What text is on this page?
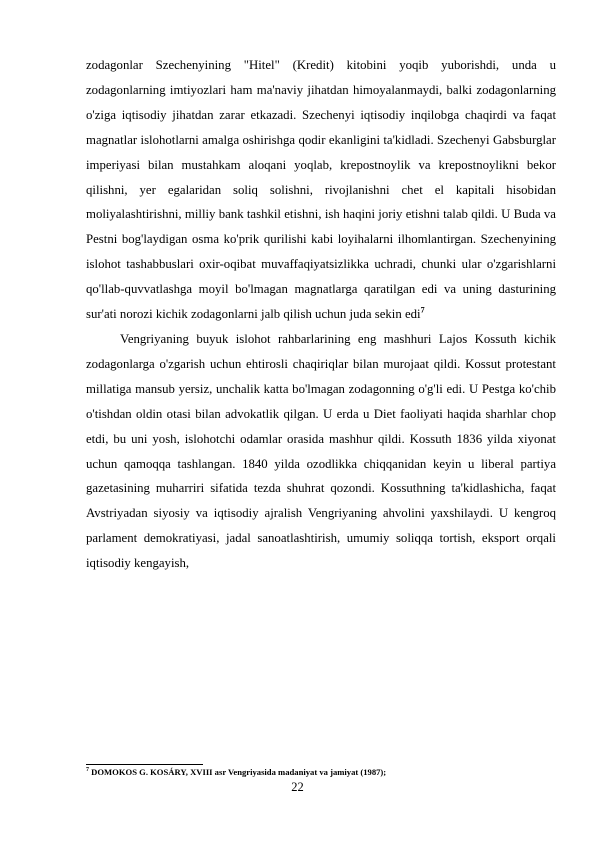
zodagonlar Szechenyining "Hitel" (Kredit) kitobini yoqib yuborishdi, unda u zodagonlarning imtiyozlari ham ma'naviy jihatdan himoyalanmaydi, balki zodagonlarning o'ziga iqtisodiy jihatdan zarar etkazadi. Szechenyi iqtisodiy inqilobga chaqirdi va faqat magnatlar islohotlarni amalga oshirishga qodir ekanligini ta'kidladi. Szechenyi Gabsburglar imperiyasi bilan mustahkam aloqani yoqlab, krepostnoylik va krepostnoylikni bekor qilishni, yer egalaridan soliq solishni, rivojlanishni chet el kapitali hisobidan moliyalashtirishni, milliy bank tashkil etishni, ish haqini joriy etishni talab qildi. U Buda va Pestni bog'laydigan osma ko'prik qurilishi kabi loyihalarni ilhomlantirgan. Szechenyining islohot tashabbuslari oxir-oqibat muvaffaqiyatsizlikka uchradi, chunki ular o'zgarishlarni qo'llab-quvvatlashga moyil bo'lmagan magnatlarga qaratilgan edi va uning dasturining sur'ati norozi kichik zodagonlarni jalb qilish uchun juda sekin edi$^7$

Vengriyaning buyuk islohot rahbarlarining eng mashhuri Lajos Kossuth kichik zodagonlarga o'zgarish uchun ehtirosli chaqiriqlar bilan murojaat qildi. Kossut protestant millatiga mansub yersiz, unchalik katta bo'lmagan zodagonning o'g'li edi. U Pestga ko'chib o'tishdan oldin otasi bilan advokatlik qilgan. U erda u Diet faoliyati haqida sharhlar chop etdi, bu uni yosh, islohotchi odamlar orasida mashhur qildi. Kossuth 1836 yilda xiyonat uchun qamoqqa tashlangan. 1840 yilda ozodlikka chiqqanidan keyin u liberal partiya gazetasining muharriri sifatida tezda shuhrat qozondi. Kossuthning ta'kidlashicha, faqat Avstriyadan siyosiy va iqtisodiy ajralish Vengriyaning ahvolini yaxshilaydi. U kengroq parlament demokratiyasi, jadal sanoatlashtirish, umumiy soliqqa tortish, eksport orqali iqtisodiy kengayish,

$^7$ DOMOKOS G. KOSÁRY, XVIII asr Vengriyasida madaniyat va jamiyat (1987);
22
